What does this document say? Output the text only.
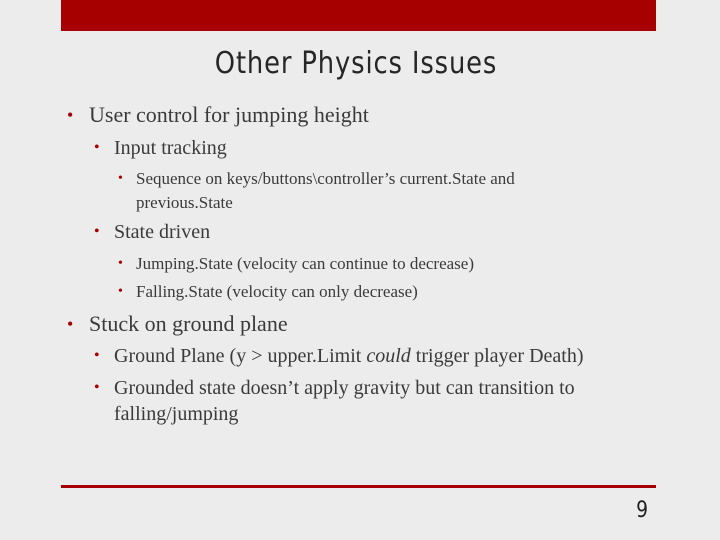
Other Physics Issues
• User control for jumping height
• Input tracking
• Sequence on keys/buttons\controller’s current.State and
previous.State
• State driven
• Jumping.State (velocity can continue to decrease)
• Falling.State (velocity can only decrease)
• Stuck on ground plane
• Ground Plane (y > upper.Limit could trigger player Death)
• Grounded state doesn’t apply gravity but can transition to
falling/jumping
9
